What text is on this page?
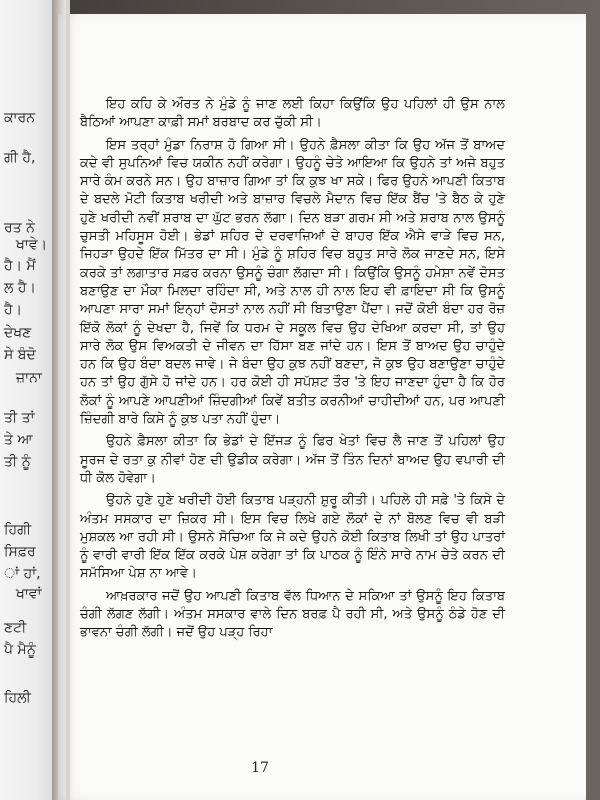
ਕਾਰਨ
ਗੀ ਹੈ,
ਰਤ ਨੇ
ਖਾਵੇ।
ਹੈ। ਮੈਂ
ਲ ਹੈ।
ਹੈ।
ਦੇਖਣ
ਸੇ ਬੰਦੋ
ਜ਼ਾਨਾ
ਤੀ ਤਾਂ
ਤੇ ਆ
ਤੀ ਨੂੰ
ਹਿਗੀ
ਸਿਫ਼ਰ
ਾਂ ਹਾਂ,
ਖਾਵਾਂ
ਣਟੀ
ਪੈ ਮੈਨੂੰ
ਹਿਲੀ

ਇਹ ਕਹਿ ਕੇ ਔਰਤ ਨੇ ਮੁੰਡੇ ਨੂੰ ਜਾਣ ਲਈ ਕਿਹਾ ਕਿਉਂਕਿ ਉਹ ਪਹਿਲਾਂ ਹੀ ਉਸ ਨਾਲ ਬੈਠਿਆਂ ਆਪਣਾ ਕਾਫ਼ੀ ਸਮਾਂ ਬਰਬਾਦ ਕਰ ਚੁੱਕੀ ਸੀ।

ਇਸ ਤਰ੍ਹਾਂ ਮੁੰਡਾ ਨਿਰਾਸ਼ ਹੋ ਗਿਆ ਸੀ। ਉਹਨੇ ਫ਼ੈਸਲਾ ਕੀਤਾ ਕਿ ਉਹ ਅੱਜ ਤੋਂ ਬਾਅਦ ਕਦੇ ਵੀ ਸੁਪਨਿਆਂ ਵਿਚ ਯਕੀਨ ਨਹੀਂ ਕਰੇਗਾ। ਉਹਨੂੰ ਚੇਤੇ ਆਇਆ ਕਿ ਉਹਨੇ ਤਾਂ ਅਜੇ ਬਹੁਤ ਸਾਰੇ ਕੰਮ ਕਰਨੇ ਸਨ। ਉਹ ਬਾਜ਼ਾਰ ਗਿਆ ਤਾਂ ਕਿ ਕੁਝ ਖਾ ਸਕੇ। ਫਿਰ ਉਹਨੇ ਆਪਣੀ ਕਿਤਾਬ ਦੇ ਬਦਲੇ ਮੋਟੀ ਕਿਤਾਬ ਖਰੀਦੀ ਅਤੇ ਬਾਜ਼ਾਰ ਵਿਚਲੇ ਮੈਦਾਨ ਵਿਚ ਇੱਕ ਬੈਂਚ 'ਤੇ ਬੈਠ ਕੇ ਹੁਣੇ ਹੁਣੇ ਖਰੀਦੀ ਨਵੀਂ ਸ਼ਰਾਬ ਦਾ ਘੁੱਟ ਭਰਨ ਲੱਗਾ। ਦਿਨ ਬੜਾ ਗਰਮ ਸੀ ਅਤੇ ਸ਼ਰਾਬ ਨਾਲ ਉਸਨੂੰ ਚੁਸਤੀ ਮਹਿਸੂਸ ਹੋਈ। ਭੇਡਾਂ ਸ਼ਹਿਰ ਦੇ ਦਰਵਾਜ਼ਿਆਂ ਦੇ ਬਾਹਰ ਇੱਕ ਐਸੇ ਵਾੜੇ ਵਿਚ ਸਨ, ਜਿਹੜਾ ਉਹਦੇ ਇੱਕ ਮਿੱਤਰ ਦਾ ਸੀ। ਮੁੰਡੇ ਨੂੰ ਸ਼ਹਿਰ ਵਿਚ ਬਹੁਤ ਸਾਰੇ ਲੋਕ ਜਾਣਦੇ ਸਨ, ਇਸੇ ਕਰਕੇ ਤਾਂ ਲਗਾਤਾਰ ਸਫ਼ਰ ਕਰਨਾ ਉਸਨੂੰ ਚੰਗਾ ਲੱਗਦਾ ਸੀ। ਕਿਉਂਕਿ ਉਸਨੂੰ ਹਮੇਸ਼ਾ ਨਵੇਂ ਦੋਸਤ ਬਣਾਉਣ ਦਾ ਮੌਕਾ ਮਿਲਦਾ ਰਹਿੰਦਾ ਸੀ, ਅਤੇ ਨਾਲ ਹੀ ਨਾਲ ਇਹ ਵੀ ਫ਼ਾਇਦਾ ਸੀ ਕਿ ਉਸਨੂੰ ਆਪਣਾ ਸਾਰਾ ਸਮਾਂ ਇਨ੍ਹਾਂ ਦੋਸਤਾਂ ਨਾਲ ਨਹੀਂ ਸੀ ਬਿਤਾਉਣਾ ਪੈਂਦਾ। ਜਦੋਂ ਕੋਈ ਬੰਦਾ ਹਰ ਰੋਜ਼ ਇੱਕੋ ਲੋਕਾਂ ਨੂੰ ਦੇਖਦਾ ਹੈ, ਜਿਵੇਂ ਕਿ ਧਰਮ ਦੇ ਸਕੂਲ ਵਿਚ ਉਹ ਦੇਖਿਆ ਕਰਦਾ ਸੀ, ਤਾਂ ਉਹ ਸਾਰੇ ਲੋਕ ਉਸ ਵਿਅਕਤੀ ਦੇ ਜੀਵਨ ਦਾ ਹਿੱਸਾ ਬਣ ਜਾਂਦੇ ਹਨ। ਇਸ ਤੋਂ ਬਾਅਦ ਉਹ ਚਾਹੁੰਦੇ ਹਨ ਕਿ ਉਹ ਬੰਦਾ ਬਦਲ ਜਾਵੇ। ਜੇ ਬੰਦਾ ਉਹ ਕੁਝ ਨਹੀਂ ਬਣਦਾ, ਜੋ ਕੁਝ ਉਹ ਬਣਾਉਣਾ ਚਾਹੁੰਦੇ ਹਨ ਤਾਂ ਉਹ ਗੁੱਸੇ ਹੋ ਜਾਂਦੇ ਹਨ। ਹਰ ਕੋਈ ਹੀ ਸਪੱਸ਼ਟ ਤੌਰ 'ਤੇ ਇਹ ਜਾਣਦਾ ਹੁੰਦਾ ਹੈ ਕਿ ਹੋਰ ਲੋਕਾਂ ਨੂੰ ਆਪਣੇ ਆਪਣੀਆਂ ਜ਼ਿੰਦਗੀਆਂ ਕਿਵੇਂ ਬਤੀਤ ਕਰਨੀਆਂ ਚਾਹੀਦੀਆਂ ਹਨ, ਪਰ ਆਪਣੀ ਜ਼ਿੰਦਗੀ ਬਾਰੇ ਕਿਸੇ ਨੂੰ ਕੁਝ ਪਤਾ ਨਹੀਂ ਹੁੰਦਾ।

ਉਹਨੇ ਫ਼ੈਸਲਾ ਕੀਤਾ ਕਿ ਭੇਡਾਂ ਦੇ ਇੱਜੜ ਨੂੰ ਫਿਰ ਖੇਤਾਂ ਵਿਚ ਲੈ ਜਾਣ ਤੋਂ ਪਹਿਲਾਂ ਉਹ ਸੂਰਜ ਦੇ ਰਤਾ ਕੁ ਨੀਵਾਂ ਹੋਣ ਦੀ ਉਡੀਕ ਕਰੇਗਾ। ਅੱਜ ਤੋਂ ਤਿੰਨ ਦਿਨਾਂ ਬਾਅਦ ਉਹ ਵਪਾਰੀ ਦੀ ਧੀ ਕੋਲ ਹੋਵੇਗਾ।

ਉਹਨੇ ਹੁਣੇ ਹੁਣੇ ਖਰੀਦੀ ਹੋਈ ਕਿਤਾਬ ਪੜ੍ਹਨੀ ਸ਼ੁਰੂ ਕੀਤੀ। ਪਹਿਲੇ ਹੀ ਸਫ਼ੇ 'ਤੇ ਕਿਸੇ ਦੇ ਅੰਤਮ ਸਸਕਾਰ ਦਾ ਜ਼ਿਕਰ ਸੀ। ਇਸ ਵਿਚ ਲਿਖੇ ਗਏ ਲੋਕਾਂ ਦੇ ਨਾਂ ਬੋਲਣ ਵਿਚ ਵੀ ਬੜੀ ਮੁਸ਼ਕਲ ਆ ਰਹੀ ਸੀ। ਉਸਨੇ ਸੋਚਿਆ ਕਿ ਜੇ ਕਦੇ ਉਹਨੇ ਕੋਈ ਕਿਤਾਬ ਲਿਖੀ ਤਾਂ ਉਹ ਪਾਤਰਾਂ ਨੂੰ ਵਾਰੀ ਵਾਰੀ ਇੱਕ ਇੱਕ ਕਰਕੇ ਪੇਸ਼ ਕਰੇਗਾ ਤਾਂ ਕਿ ਪਾਠਕ ਨੂੰ ਇੰਨੇ ਸਾਰੇ ਨਾਮ ਚੇਤੇ ਕਰਨ ਦੀ ਸਮੱਸਿਆ ਪੇਸ਼ ਨਾ ਆਵੇ।

ਆਖ਼ਰਕਾਰ ਜਦੋਂ ਉਹ ਆਪਣੀ ਕਿਤਾਬ ਵੱਲ ਧਿਆਨ ਦੇ ਸਕਿਆ ਤਾਂ ਉਸਨੂੰ ਇਹ ਕਿਤਾਬ ਚੰਗੀ ਲੱਗਣ ਲੱਗੀ। ਅੰਤਮ ਸਸਕਾਰ ਵਾਲੇ ਦਿਨ ਬਰਫ਼ ਪੈ ਰਹੀ ਸੀ, ਅਤੇ ਉਸਨੂੰ ਠੰਡੇ ਹੋਣ ਦੀ ਭਾਵਨਾ ਚੰਗੀ ਲੱਗੀ। ਜਦੋਂ ਉਹ ਪੜ੍ਹ ਰਿਹਾ

17
